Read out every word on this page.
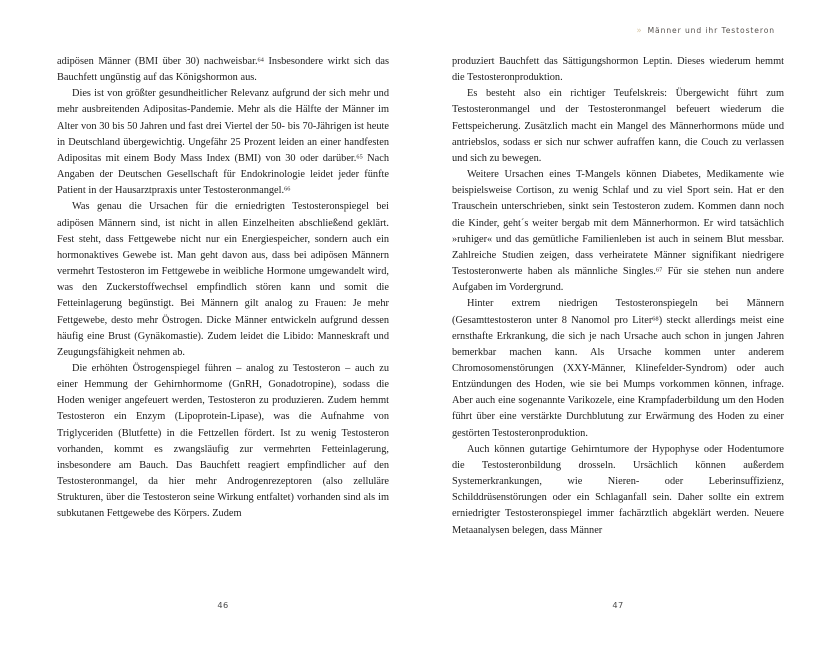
» Männer und ihr Testosteron

adipösen Männer (BMI über 30) nachweisbar.$^{64}$ Insbesondere wirkt sich das Bauchfett ungünstig auf das Königshormon aus.

Dies ist von größter gesundheitlicher Relevanz aufgrund der sich mehr und mehr ausbreitenden Adipositas-Pandemie. Mehr als die Hälfte der Männer im Alter von 30 bis 50 Jahren und fast drei Viertel der 50- bis 70-Jährigen ist heute in Deutschland übergewichtig. Ungefähr 25 Prozent leiden an einer handfesten Adipositas mit einem Body Mass Index (BMI) von 30 oder darüber.$^{65}$ Nach Angaben der Deutschen Gesellschaft für Endokrinologie leidet jeder fünfte Patient in der Hausarztpraxis unter Testosteronmangel.$^{66}$

Was genau die Ursachen für die erniedrigten Testosteronspiegel bei adipösen Männern sind, ist nicht in allen Einzelheiten abschließend geklärt. Fest steht, dass Fettgewebe nicht nur ein Energiespeicher, sondern auch ein hormonaktives Gewebe ist. Man geht davon aus, dass bei adipösen Männern vermehrt Testosteron im Fettgewebe in weibliche Hormone umgewandelt wird, was den Zuckerstoffwechsel empfindlich stören kann und somit die Fetteinlagerung begünstigt. Bei Männern gilt analog zu Frauen: Je mehr Fettgewebe, desto mehr Östrogen. Dicke Männer entwickeln aufgrund dessen häufig eine Brust (Gynäkomastie). Zudem leidet die Libido: Manneskraft und Zeugungsfähigkeit nehmen ab.

Die erhöhten Östrogenspiegel führen – analog zu Testosteron – auch zu einer Hemmung der Gehirnhormome (GnRH, Gonadotropine), sodass die Hoden weniger angefeuert werden, Testosteron zu produzieren. Zudem hemmt Testosteron ein Enzym (Lipoprotein-Lipase), was die Aufnahme von Triglyceriden (Blutfette) in die Fettzellen fördert. Ist zu wenig Testosteron vorhanden, kommt es zwangsläufig zur vermehrten Fetteinlagerung, insbesondere am Bauch. Das Bauchfett reagiert empfindlicher auf den Testosteronmangel, da hier mehr Androgenrezeptoren (also zelluläre Strukturen, über die Testosteron seine Wirkung entfaltet) vorhanden sind als im subkutanen Fettgewebe des Körpers. Zudem

46

produziert Bauchfett das Sättigungshormon Leptin. Dieses wiederum hemmt die Testosteronproduktion.

Es besteht also ein richtiger Teufelskreis: Übergewicht führt zum Testosteronmangel und der Testosteronmangel befeuert wiederum die Fettspeicherung. Zusätzlich macht ein Mangel des Männerhormons müde und antriebslos, sodass er sich nur schwer aufraffen kann, die Couch zu verlassen und sich zu bewegen.

Weitere Ursachen eines T-Mangels können Diabetes, Medikamente wie beispielsweise Cortison, zu wenig Schlaf und zu viel Sport sein. Hat er den Trauschein unterschrieben, sinkt sein Testosteron zudem. Kommen dann noch die Kinder, geht´s weiter bergab mit dem Männerhormon. Er wird tatsächlich »ruhiger« und das gemütliche Familienleben ist auch in seinem Blut messbar. Zahlreiche Studien zeigen, dass verheiratete Männer signifikant niedrigere Testosteronwerte haben als männliche Singles.$^{67}$ Für sie stehen nun andere Aufgaben im Vordergrund.

Hinter extrem niedrigen Testosteronspiegeln bei Männern (Gesamttestosteron unter 8 Nanomol pro Liter$^{68}$) steckt allerdings meist eine ernsthafte Erkrankung, die sich je nach Ursache auch schon in jungen Jahren bemerkbar machen kann. Als Ursache kommen unter anderem Chromosomenstörungen (XXY-Männer, Klinefelder-Syndrom) oder auch Entzündungen des Hoden, wie sie bei Mumps vorkommen können, infrage. Aber auch eine sogenannte Varikozele, eine Krampfaderbildung um den Hoden führt über eine verstärkte Durchblutung zur Erwärmung des Hoden zu einer gestörten Testosteronproduktion.

Auch können gutartige Gehirntumore der Hypophyse oder Hodentumore die Testosteronbildung drosseln. Ursächlich können außerdem Systemerkrankungen, wie Nieren- oder Leberinsuffizienz, Schilddrüsenstörungen oder ein Schlaganfall sein. Daher sollte ein extrem erniedrigter Testosteronspiegel immer fachärztlich abgeklärt werden. Neuere Metaanalysen belegen, dass Männer

47
